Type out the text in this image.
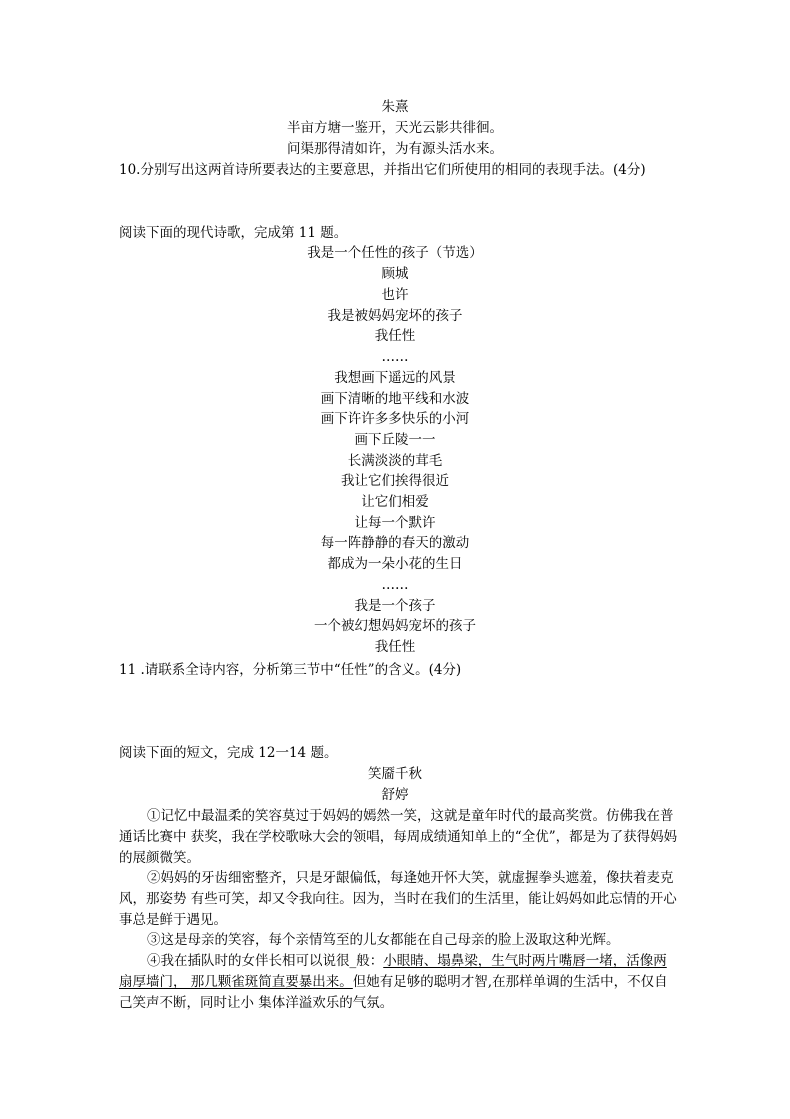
朱熹
半亩方塘一鉴开，天光云影共徘徊。
问渠那得清如许，为有源头活水来。
10.分别写出这两首诗所要表达的主要意思，并指出它们所使用的相同的表现手法。(4分)
阅读下面的现代诗歌，完成第 11 题。
我是一个任性的孩子（节选）
顾城
也许
我是被妈妈宠坏的孩子
我任性
……
我想画下遥远的风景
画下清晰的地平线和水波
画下许许多多快乐的小河
画下丘陵一一
长满淡淡的茸毛
我让它们挨得很近
让它们相爱
让每一个默许
每一阵静静的春天的激动
都成为一朵小花的生日
……
我是一个孩子
一个被幻想妈妈宠坏的孩子
我任性
11 .请联系全诗内容，分析第三节中“任性”的含义。(4分)
阅读下面的短文，完成 12一14 题。
笑靥千秋
舒婷
①记忆中最温柔的笑容莫过于妈妈的嫣然一笑，这就是童年时代的最高奖赏。仿佛我在普通话比赛中 获奖，我在学校歌咏大会的领唱，每周成绩通知单上的“全优”，都是为了获得妈妈的展颜微笑。
②妈妈的牙齿细密整齐，只是牙龈偏低，每逢她开怀大笑，就虚握拳头遮羞，像扶着麦克风，那姿势 有些可笑，却又令我向往。因为，当时在我们的生活里，能让妈妈如此忘情的开心事总是鲜于遇见。
③这是母亲的笑容，每个亲情笃至的儿女都能在自己母亲的脸上汲取这种光辉。
④我在插队时的女伴长相可以说很_般：小眼睛、塌鼻梁，生气时两片嘴唇一堵，活像两扇厚墙门， 那几颗雀斑简直要暴出来。但她有足够的聪明才智,在那样单调的生活中，不仅自己笑声不断，同时让小 集体洋溢欢乐的气氛。
